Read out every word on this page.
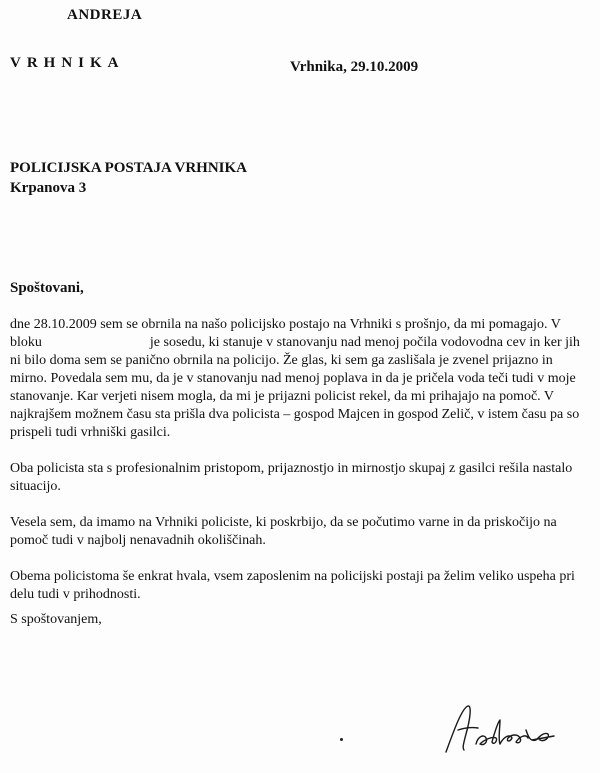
ANDREJA
VRHNIKA	Vrhnika, 29.10.2009
POLICIJSKA POSTAJA VRHNIKA
Krpanova 3
Spoštovani,

dne 28.10.2009 sem se obrnila na našo policijsko postajo na Vrhniki s prošnjo, da mi pomagajo. V bloku	je sosedu, ki stanuje v stanovanju nad menoj počila vodovodna cev in ker jih ni bilo doma sem se panično obrnila na policijo. Že glas, ki sem ga zaslišala je zvenel prijazno in mirno. Povedala sem mu, da je v stanovanju nad menoj poplava in da je pričela voda teči tudi v moje stanovanje. Kar verjeti nisem mogla, da mi je prijazni policist rekel, da mi prihajajo na pomoč. V najkrajšem možnem času sta prišla dva policista – gospod Majcen in gospod Zelič, v istem času pa so prispeli tudi vrhniški gasilci.

Oba policista sta s profesionalnim pristopom, prijaznostjo in mirnostjo skupaj z gasilci rešila nastalo situacijo.

Vesela sem, da imamo na Vrhniki policiste, ki poskrbijo, da se počutimo varne in da priskočijo na pomoč tudi v najbolj nenavadnih okoliščinah.

Obema policistoma še enkrat hvala, vsem zaposlenim na policijski postaji pa želim veliko uspeha pri delu tudi v prihodnosti.

S spoštovanjem,
